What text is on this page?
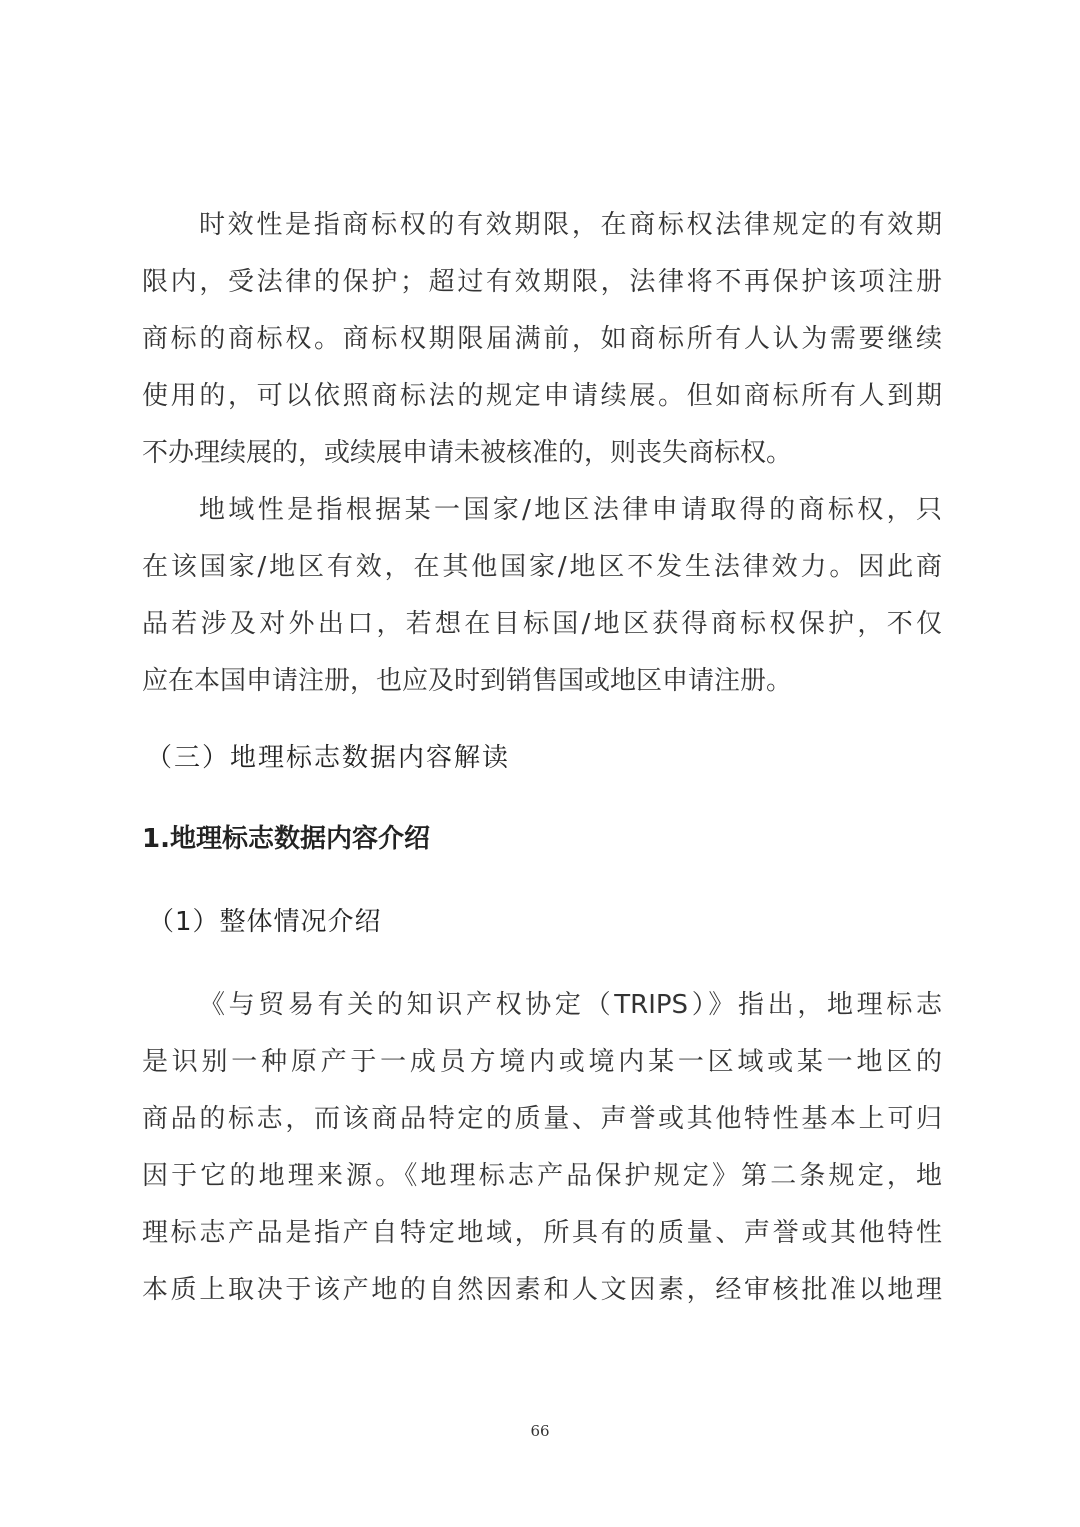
时效性是指商标权的有效期限，在商标权法律规定的有效期
限内，受法律的保护；超过有效期限，法律将不再保护该项注册
商标的商标权。商标权期限届满前，如商标所有人认为需要继续
使用的，可以依照商标法的规定申请续展。但如商标所有人到期
不办理续展的，或续展申请未被核准的，则丧失商标权。
地域性是指根据某一国家/地区法律申请取得的商标权，只
在该国家/地区有效，在其他国家/地区不发生法律效力。因此商
品若涉及对外出口，若想在目标国/地区获得商标权保护，不仅
应在本国申请注册，也应及时到销售国或地区申请注册。
（三）地理标志数据内容解读
1.地理标志数据内容介绍
（1）整体情况介绍
《与贸易有关的知识产权协定（TRIPS）》指出，地理标志
是识别一种原产于一成员方境内或境内某一区域或某一地区的
商品的标志，而该商品特定的质量、声誉或其他特性基本上可归
因于它的地理来源。《地理标志产品保护规定》第二条规定，地
理标志产品是指产自特定地域，所具有的质量、声誉或其他特性
本质上取决于该产地的自然因素和人文因素，经审核批准以地理
66
